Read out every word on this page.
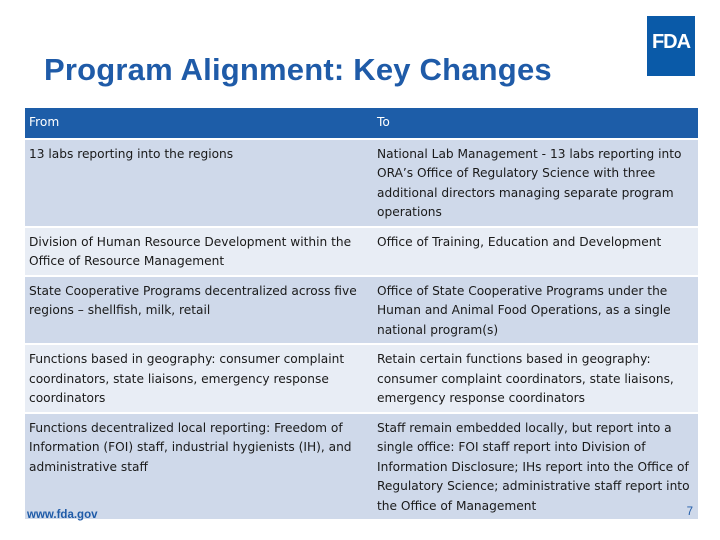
Program Alignment: Key Changes
FDA
From	To
13 labs reporting into the regions	National Lab Management - 13 labs reporting into ORA’s Office of Regulatory Science with three additional directors managing separate program operations
Division of Human Resource Development within the Office of Resource Management	Office of Training, Education and Development
State Cooperative Programs decentralized across five regions – shellfish, milk, retail	Office of State Cooperative Programs under the Human and Animal Food Operations, as a single national program(s)
Functions based in geography: consumer complaint coordinators, state liaisons, emergency response coordinators	Retain certain functions based in geography: consumer complaint coordinators, state liaisons, emergency response coordinators
Functions decentralized local reporting: Freedom of Information (FOI) staff, industrial hygienists (IH), and administrative staff	Staff remain embedded locally, but report into a single office: FOI staff report into Division of Information Disclosure; IHs report into the Office of Regulatory Science; administrative staff report into the Office of Management
www.fda.gov	7
